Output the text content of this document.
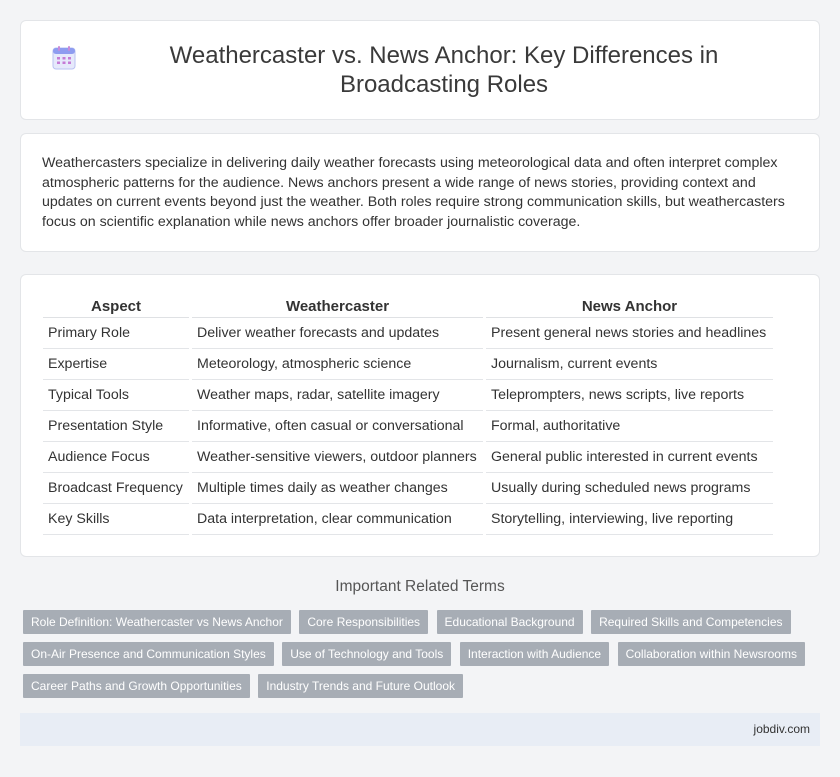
Weathercaster vs. News Anchor: Key Differences in Broadcasting Roles

Weathercasters specialize in delivering daily weather forecasts using meteorological data and often interpret complex atmospheric patterns for the audience. News anchors present a wide range of news stories, providing context and updates on current events beyond just the weather. Both roles require strong communication skills, but weathercasters focus on scientific explanation while news anchors offer broader journalistic coverage.

Aspect	Weathercaster	News Anchor
Primary Role	Deliver weather forecasts and updates	Present general news stories and headlines
Expertise	Meteorology, atmospheric science	Journalism, current events
Typical Tools	Weather maps, radar, satellite imagery	Teleprompters, news scripts, live reports
Presentation Style	Informative, often casual or conversational	Formal, authoritative
Audience Focus	Weather-sensitive viewers, outdoor planners	General public interested in current events
Broadcast Frequency	Multiple times daily as weather changes	Usually during scheduled news programs
Key Skills	Data interpretation, clear communication	Storytelling, interviewing, live reporting
Important Related Terms
Role Definition: Weathercaster vs News Anchor Core Responsibilities Educational Background Required Skills and Competencies On-Air Presence and Communication Styles Use of Technology and Tools Interaction with Audience Collaboration within Newsrooms Career Paths and Growth Opportunities Industry Trends and Future Outlook
jobdiv.com
